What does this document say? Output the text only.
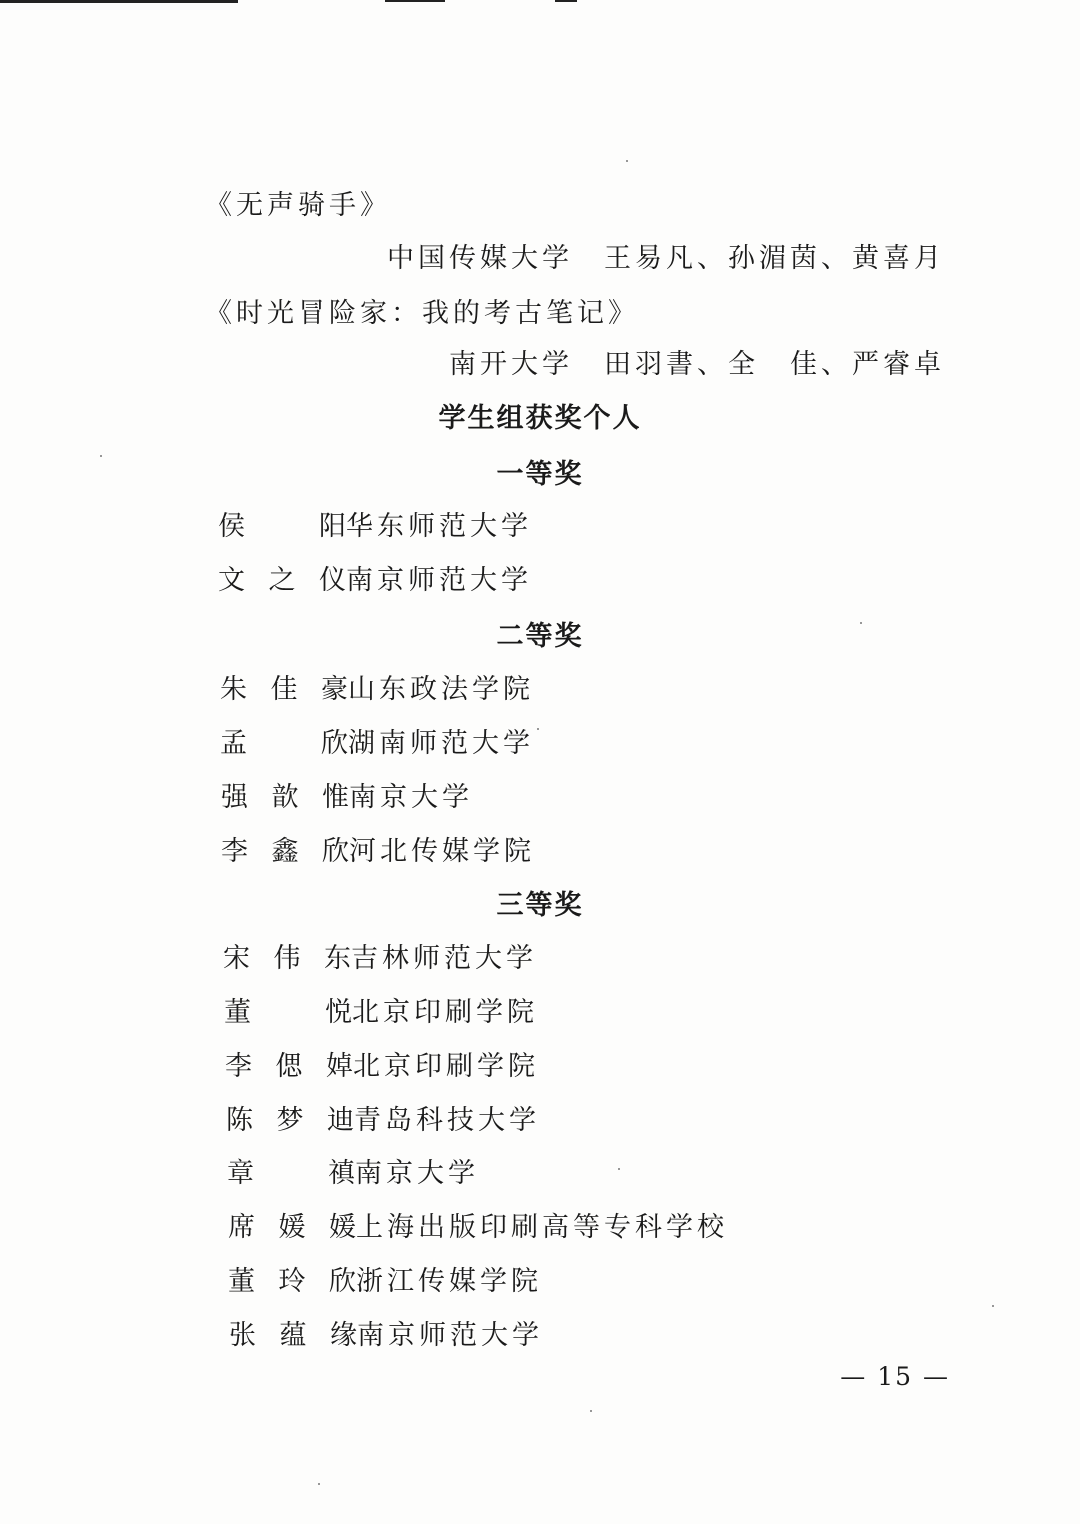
《无声骑手》
中国传媒大学　王易凡、孙湄茵、黄喜月
《时光冒险家：我的考古笔记》
南开大学　田羽書、全　佳、严睿卓
学生组获奖个人
一等奖
侯	阳 华东师范大学
文 之 仪 南京师范大学
二等奖
朱 佳 豪 山东政法学院
孟	欣 湖南师范大学
强 歆 惟 南京大学
李 鑫 欣 河北传媒学院
三等奖
宋 伟 东 吉林师范大学
董	悦 北京印刷学院
李 偲 婥 北京印刷学院
陈 梦 迪 青岛科技大学
章	禛 南京大学
席 媛 媛 上海出版印刷高等专科学校
董 玲 欣 浙江传媒学院
张 蕴 缘 南京师范大学
— 15 —
